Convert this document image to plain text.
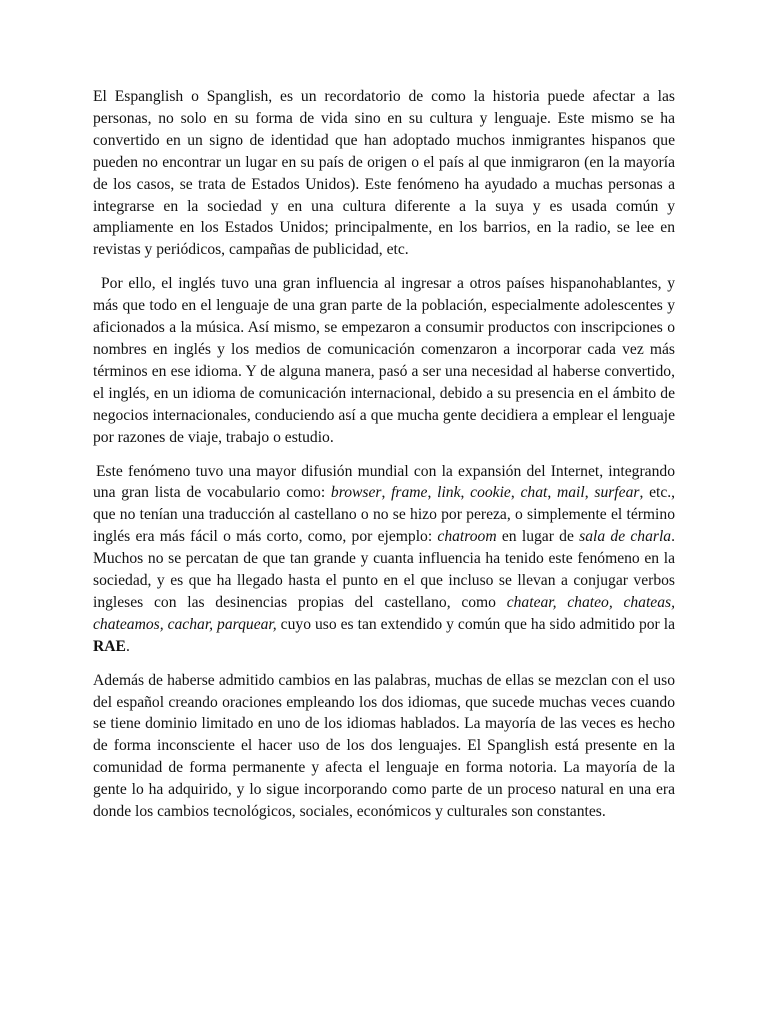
El Espanglish o Spanglish, es un recordatorio de como la historia puede afectar a las personas, no solo en su forma de vida sino en su cultura y lenguaje. Este mismo se ha convertido en un signo de identidad que han adoptado muchos inmigrantes hispanos que pueden no encontrar un lugar en su país de origen o el país al que inmigraron (en la mayoría de los casos, se trata de Estados Unidos). Este fenómeno ha ayudado a muchas personas a integrarse en la sociedad y en una cultura diferente a la suya y es usada común y ampliamente en los Estados Unidos; principalmente, en los barrios, en la radio, se lee en revistas y periódicos, campañas de publicidad, etc.

Por ello, el inglés tuvo una gran influencia al ingresar a otros países hispanohablantes, y más que todo en el lenguaje de una gran parte de la población, especialmente adolescentes y aficionados a la música. Así mismo, se empezaron a consumir productos con inscripciones o nombres en inglés y los medios de comunicación comenzaron a incorporar cada vez más términos en ese idioma. Y de alguna manera, pasó a ser una necesidad al haberse convertido, el inglés, en un idioma de comunicación internacional, debido a su presencia en el ámbito de negocios internacionales, conduciendo así a que mucha gente decidiera a emplear el lenguaje por razones de viaje, trabajo o estudio.

Este fenómeno tuvo una mayor difusión mundial con la expansión del Internet, integrando una gran lista de vocabulario como: browser, frame, link, cookie, chat, mail, surfear, etc., que no tenían una traducción al castellano o no se hizo por pereza, o simplemente el término inglés era más fácil o más corto, como, por ejemplo: chatroom en lugar de sala de charla. Muchos no se percatan de que tan grande y cuanta influencia ha tenido este fenómeno en la sociedad, y es que ha llegado hasta el punto en el que incluso se llevan a conjugar verbos ingleses con las desinencias propias del castellano, como chatear, chateo, chateas, chateamos, cachar, parquear, cuyo uso es tan extendido y común que ha sido admitido por la RAE.

Además de haberse admitido cambios en las palabras, muchas de ellas se mezclan con el uso del español creando oraciones empleando los dos idiomas, que sucede muchas veces cuando se tiene dominio limitado en uno de los idiomas hablados. La mayoría de las veces es hecho de forma inconsciente el hacer uso de los dos lenguajes. El Spanglish está presente en la comunidad de forma permanente y afecta el lenguaje en forma notoria. La mayoría de la gente lo ha adquirido, y lo sigue incorporando como parte de un proceso natural en una era donde los cambios tecnológicos, sociales, económicos y culturales son constantes.
